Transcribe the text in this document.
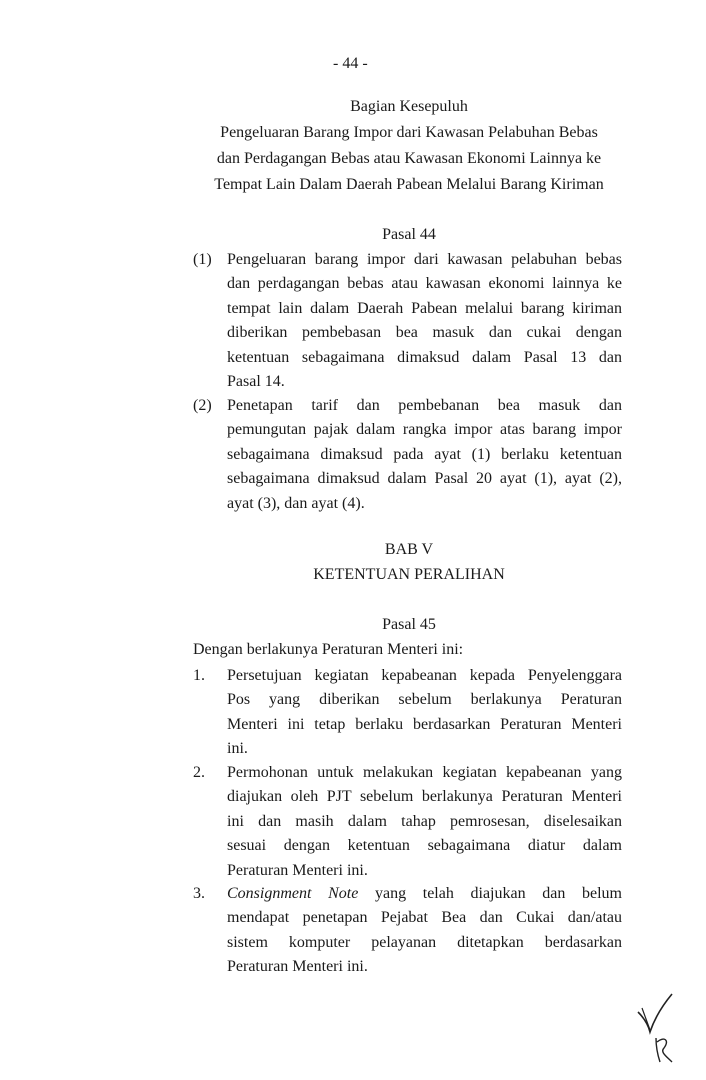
- 44 -
Bagian Kesepuluh
Pengeluaran Barang Impor dari Kawasan Pelabuhan Bebas
dan Perdagangan Bebas atau Kawasan Ekonomi Lainnya ke
Tempat Lain Dalam Daerah Pabean Melalui Barang Kiriman
Pasal 44
(1) Pengeluaran barang impor dari kawasan pelabuhan bebas
dan perdagangan bebas atau kawasan ekonomi lainnya ke
tempat lain dalam Daerah Pabean melalui barang kiriman
diberikan pembebasan bea masuk dan cukai dengan
ketentuan sebagaimana dimaksud dalam Pasal 13 dan
Pasal 14.
(2) Penetapan tarif dan pembebanan bea masuk dan
pemungutan pajak dalam rangka impor atas barang impor
sebagaimana dimaksud pada ayat (1) berlaku ketentuan
sebagaimana dimaksud dalam Pasal 20 ayat (1), ayat (2),
ayat (3), dan ayat (4).
BAB V
KETENTUAN PERALIHAN
Pasal 45
Dengan berlakunya Peraturan Menteri ini:
1. Persetujuan kegiatan kepabeanan kepada Penyelenggara
Pos yang diberikan sebelum berlakunya Peraturan
Menteri ini tetap berlaku berdasarkan Peraturan Menteri
ini.
2. Permohonan untuk melakukan kegiatan kepabeanan yang
diajukan oleh PJT sebelum berlakunya Peraturan Menteri
ini dan masih dalam tahap pemrosesan, diselesaikan
sesuai dengan ketentuan sebagaimana diatur dalam
Peraturan Menteri ini.
3. Consignment Note yang telah diajukan dan belum
mendapat penetapan Pejabat Bea dan Cukai dan/atau
sistem komputer pelayanan ditetapkan berdasarkan
Peraturan Menteri ini.
